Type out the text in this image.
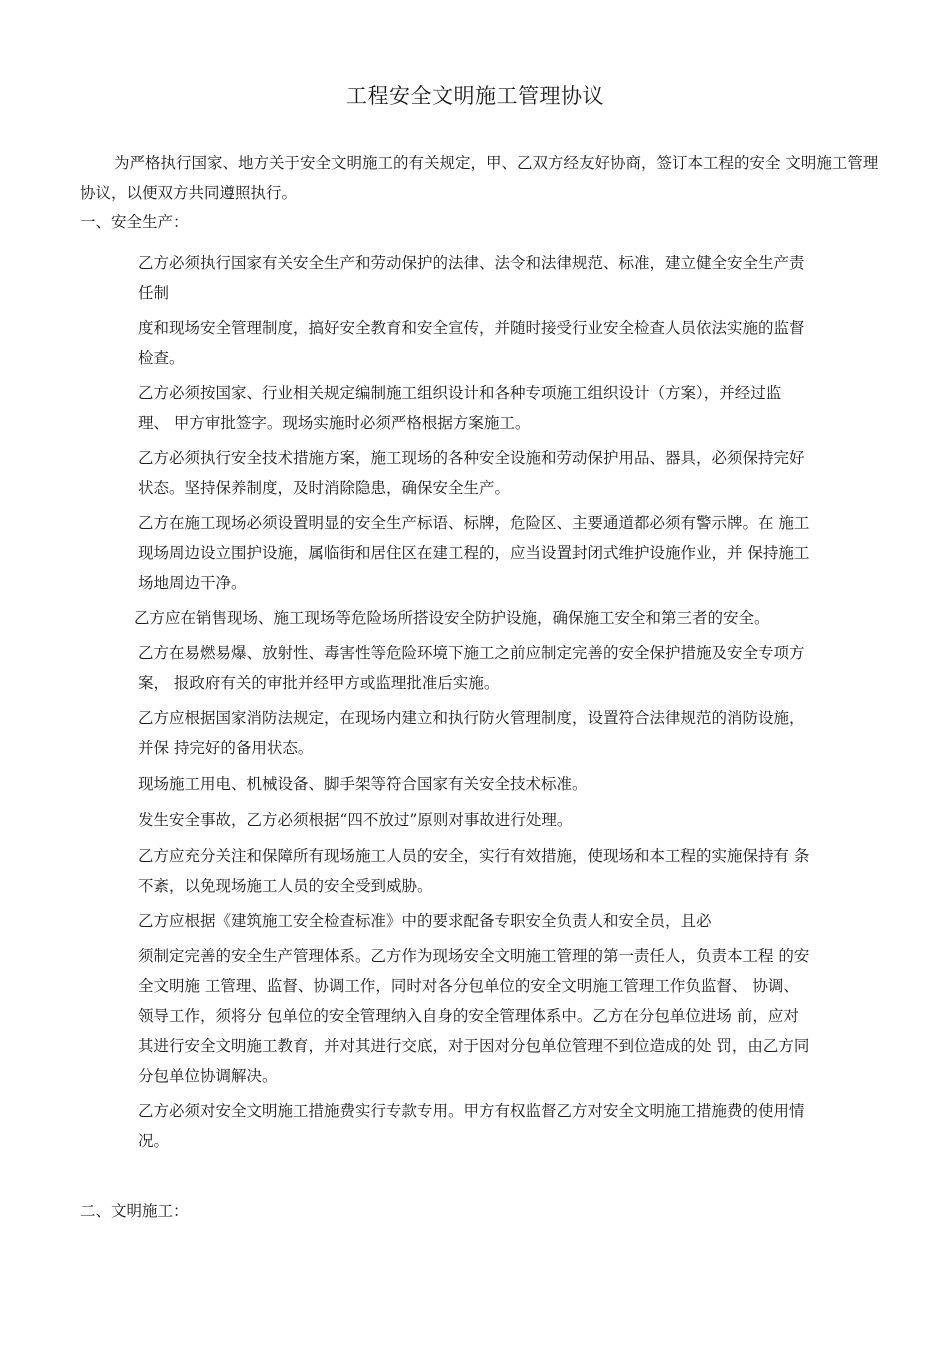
工程安全文明施工管理协议
为严格执行国家、地方关于安全文明施工的有关规定，甲、乙双方经友好协商，签订本工程的安全 文明施工管理协议，以便双方共同遵照执行。
一、安全生产：
乙方必须执行国家有关安全生产和劳动保护的法律、法令和法律规范、标准，建立健全安全生产责
任制
度和现场安全管理制度，搞好安全教育和安全宣传，并随时接受行业安全检查人员依法实施的监督
检查。
乙方必须按国家、行业相关规定编制施工组织设计和各种专项施工组织设计（方案），并经过监
理、 甲方审批签字。现场实施时必须严格根据方案施工。
乙方必须执行安全技术措施方案，施工现场的各种安全设施和劳动保护用品、器具，必须保持完好
状态。坚持保养制度，及时消除隐患，确保安全生产。
乙方在施工现场必须设置明显的安全生产标语、标牌，危险区、主要通道都必须有警示牌。在 施工
现场周边设立围护设施，属临街和居住区在建工程的，应当设置封闭式维护设施作业，并 保持施工
场地周边干净。
乙方应在销售现场、施工现场等危险场所搭设安全防护设施，确保施工安全和第三者的安全。
乙方在易燃易爆、放射性、毒害性等危险环境下施工之前应制定完善的安全保护措施及安全专项方
案， 报政府有关的审批并经甲方或监理批准后实施。
乙方应根据国家消防法规定，在现场内建立和执行防火管理制度，设置符合法律规范的消防设施，
并保 持完好的备用状态。
现场施工用电、机械设备、脚手架等符合国家有关安全技术标准。
发生安全事故，乙方必须根据“四不放过”原则对事故进行处理。
乙方应充分关注和保障所有现场施工人员的安全，实行有效措施，使现场和本工程的实施保持有 条
不紊，以免现场施工人员的安全受到威胁。
乙方应根据《建筑施工安全检查标准》中的要求配备专职安全负责人和安全员，且必
须制定完善的安全生产管理体系。乙方作为现场安全文明施工管理的第一责任人，负责本工程 的安
全文明施 工管理、监督、协调工作，同时对各分包单位的安全文明施工管理工作负监督、 协调、
领导工作，须将分 包单位的安全管理纳入自身的安全管理体系中。乙方在分包单位进场 前，应对
其进行安全文明施工教育，并对其进行交底，对于因对分包单位管理不到位造成的处 罚，由乙方同
分包单位协调解决。
乙方必须对安全文明施工措施费实行专款专用。甲方有权监督乙方对安全文明施工措施费的使用情
况。
二、文明施工：
